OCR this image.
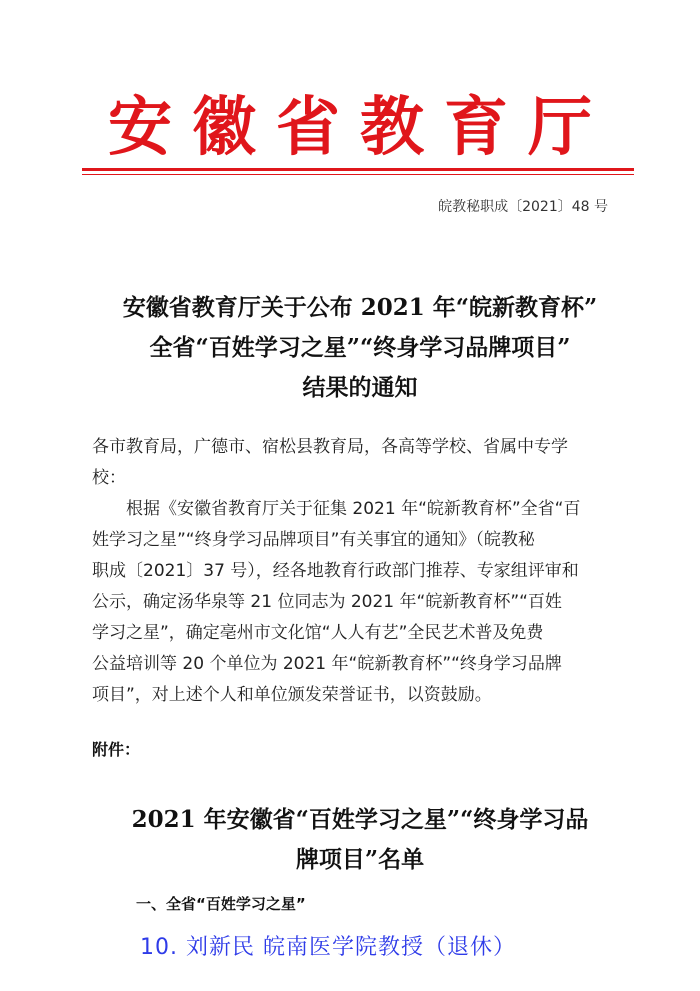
安徽省教育厅
皖教秘职成〔2021〕48 号
安徽省教育厅关于公布 2021 年“皖新教育杯”
全省“百姓学习之星”“终身学习品牌项目”
结果的通知

各市教育局，广德市、宿松县教育局，各高等学校、省属中专学
校：

根据《安徽省教育厅关于征集 2021 年“皖新教育杯”全省“百
姓学习之星”“终身学习品牌项目”有关事宜的通知》（皖教秘
职成〔2021〕37 号），经各地教育行政部门推荐、专家组评审和
公示，确定汤华泉等 21 位同志为 2021 年“皖新教育杯”“百姓
学习之星”，确定亳州市文化馆“人人有艺”全民艺术普及免费
公益培训等 20 个单位为 2021 年“皖新教育杯”“终身学习品牌
项目”，对上述个人和单位颁发荣誉证书，以资鼓励。

附件：
2021 年安徽省“百姓学习之星”“终身学习品
牌项目”名单
一、全省“百姓学习之星”
10. 刘新民 皖南医学院教授（退休）
